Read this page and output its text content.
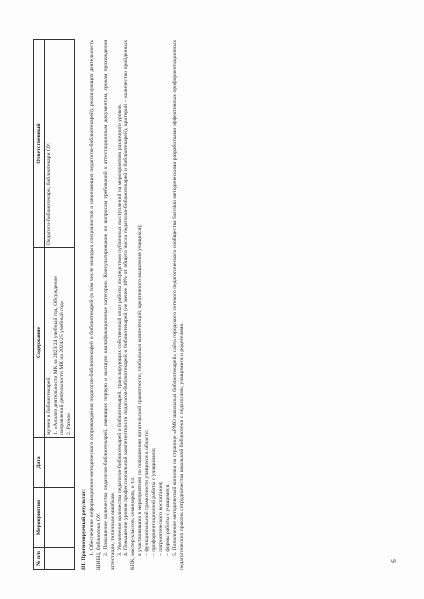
№ п/п	Мероприятия	Дата	Содержание	Ответственный

			музеев и библиотекарей. 1. «Анализ деятельности МК за 2023/24 учебный год. Обсуждение направлений деятельности МК на 2024/25 учебный год» 2. Разное.	Педагоги-библиотекари, библиотекари ОУ.
III. Прогнозируемый результат: 1. Обеспечение информационно-методического сопровождения педагогов-библиотекарей и библиотекарей (в том числе молодых специалистов и начинающих педагогов-библиотекарей), реализующих деятельность ШИБЦ, библиотеки ОУ. 2. Повышение количества педагогов-библиотекарей, имеющих первую и высшую квалификационные категории. Консультирование по вопросам требований к аттестационным документам, срокам прохождения аттестации, типичным ошибкам. 3. Увеличение количества педагогов-библиотекарей и библиотекарей, транслирующих собственный опыт работы посредством публичных выступлений на мероприятиях различного уровня. 4. Повышение уровня профессиональной компетентности педагогов-библиотекарей и библиотекарей (не менее 10% от общего числа педагогов-библиотекарей и библиотекарей), критерий – количество пройденных КПК, мастер-классов, семинаров, и т.п. в участвовавших в мероприятиях по повышению читательской грамотности, глобальных компетенций, креативного мышления учащихся); – функциональной грамотности учащихся в области: – профориентационной работы с учащимися; – патриотического воспитания; – формы работы с учащимися. 5. Пополнение методической копилки на странице «РМО школьных библиотекарей» сайта городского сетевого педагогического сообщества Sarvikki методическими разработками эффективных профориентационных педагогических практик сотрудничества школьной библиотеки с педагогами, учащимися и родителями.	6
